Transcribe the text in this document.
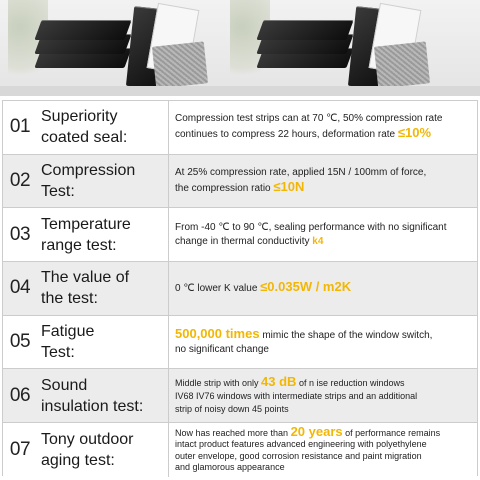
01 Superiority
coated seal:
Compression test strips can at 70 ℃, 50% compression rate
continues to compress 22 hours, deformation rate ≤10%
02 Compression
Test:
At 25% compression rate, applied 15N / 100mm of force,
the compression ratio ≤10N
03 Temperature
range test:
From -40 ℃ to 90 ℃, sealing performance with no significant
change in thermal conductivity k4
04 The value of
the test:
0 ℃ lower K value ≤0.035W / m2K
05 Fatigue
Test:
500,000 times mimic the shape of the window switch,
no significant change
06 Sound
insulation test:
Middle strip with only 43 dB of n ise reduction windows
IV68 IV76 windows with intermediate strips and an additional
strip of noisy down 45 points
07 Tony outdoor
aging test:
Now has reached more than 20 years of performance remains
intact product features advanced engineering with polyethylene
outer envelope, good corrosion resistance and paint migration
and glamorous appearance
